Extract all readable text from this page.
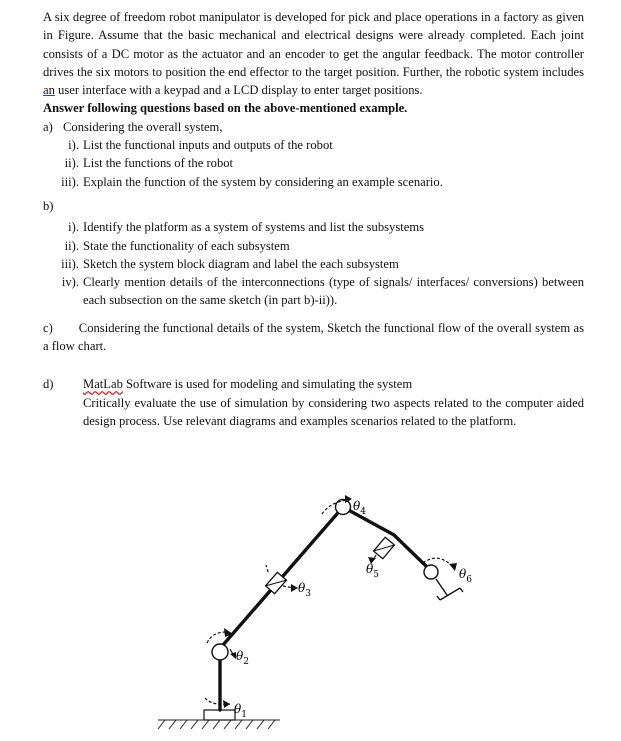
A six degree of freedom robot manipulator is developed for pick and place operations in a factory as given in Figure. Assume that the basic mechanical and electrical designs were already completed. Each joint consists of a DC motor as the actuator and an encoder to get the angular feedback. The motor controller drives the six motors to position the end effector to the target position. Further, the robotic system includes an user interface with a keypad and a LCD display to enter target positions.

Answer following questions based on the above-mentioned example.

a) Considering the overall system,
i). List the functional inputs and outputs of the robot
ii). List the functions of the robot
iii). Explain the function of the system by considering an example scenario.

b)

i). Identify the platform as a system of systems and list the subsystems
ii). State the functionality of each subsystem
iii). Sketch the system block diagram and label the each subsystem
iv). Clearly mention details of the interconnections (type of signals/ interfaces/ conversions) between each subsection on the same sketch (in part b)-ii)).
c) Considering the functional details of the system, Sketch the functional flow of the overall system as a flow chart.
d)	MatLab Software is used for modeling and simulating the system
Critically evaluate the use of simulation by considering two aspects related to the computer aided design process. Use relevant diagrams and examples scenarios related to the platform.
$\theta_1$
$\theta_2$
$\theta_3$
$\theta_4$
$\theta_5$	$\theta_6$
